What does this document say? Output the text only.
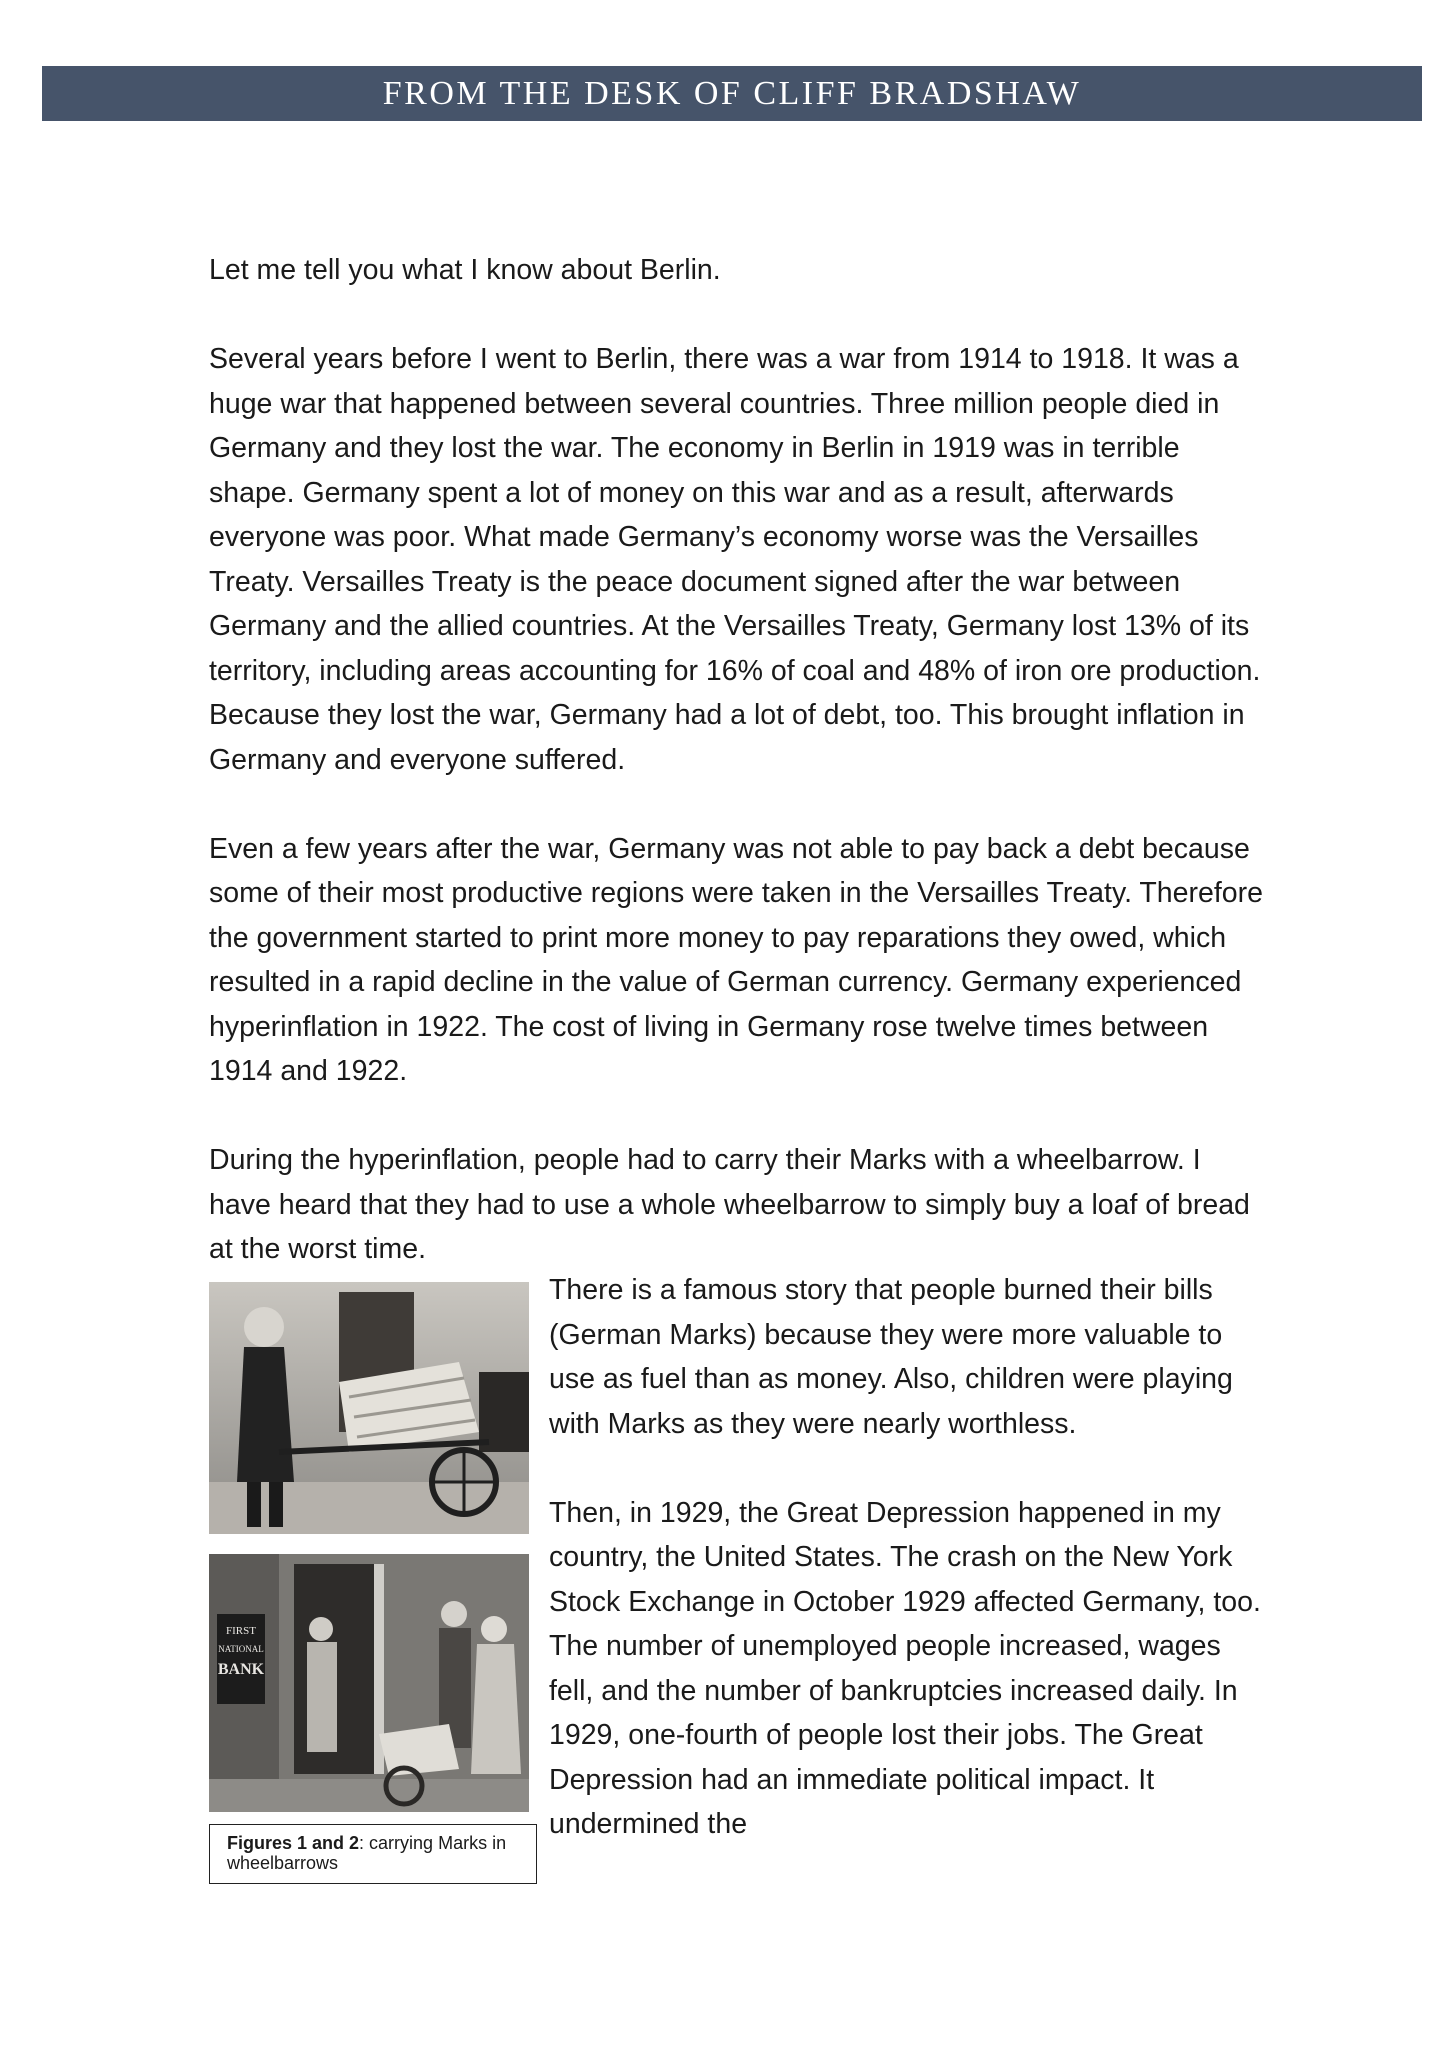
FROM THE DESK OF CLIFF BRADSHAW

Let me tell you what I know about Berlin.

Several years before I went to Berlin, there was a war from 1914 to 1918. It was a huge war that happened between several countries. Three million people died in Germany and they lost the war. The economy in Berlin in 1919 was in terrible shape. Germany spent a lot of money on this war and as a result, afterwards everyone was poor. What made Germany’s economy worse was the Versailles Treaty. Versailles Treaty is the peace document signed after the war between Germany and the allied countries. At the Versailles Treaty, Germany lost 13% of its territory, including areas accounting for 16% of coal and 48% of iron ore production. Because they lost the war, Germany had a lot of debt, too. This brought inflation in Germany and everyone suffered.

Even a few years after the war, Germany was not able to pay back a debt because some of their most productive regions were taken in the Versailles Treaty. Therefore the government started to print more money to pay reparations they owed, which resulted in a rapid decline in the value of German currency. Germany experienced hyperinflation in 1922. The cost of living in Germany rose twelve times between 1914 and 1922.

During the hyperinflation, people had to carry their Marks with a wheelbarrow. I have heard that they had to use a whole wheelbarrow to simply buy a loaf of bread at the worst time.

FIRST
NATIONAL
BANK
Figures 1 and 2: carrying Marks in wheelbarrows

There is a famous story that people burned their bills (German Marks) because they were more valuable to use as fuel than as money. Also, children were playing with Marks as they were nearly worthless.

Then, in 1929, the Great Depression happened in my country, the United States. The crash on the New York Stock Exchange in October 1929 affected Germany, too. The number of unemployed people increased, wages fell, and the number of bankruptcies increased daily. In 1929, one-fourth of people lost their jobs. The Great Depression had an immediate political impact. It undermined the
